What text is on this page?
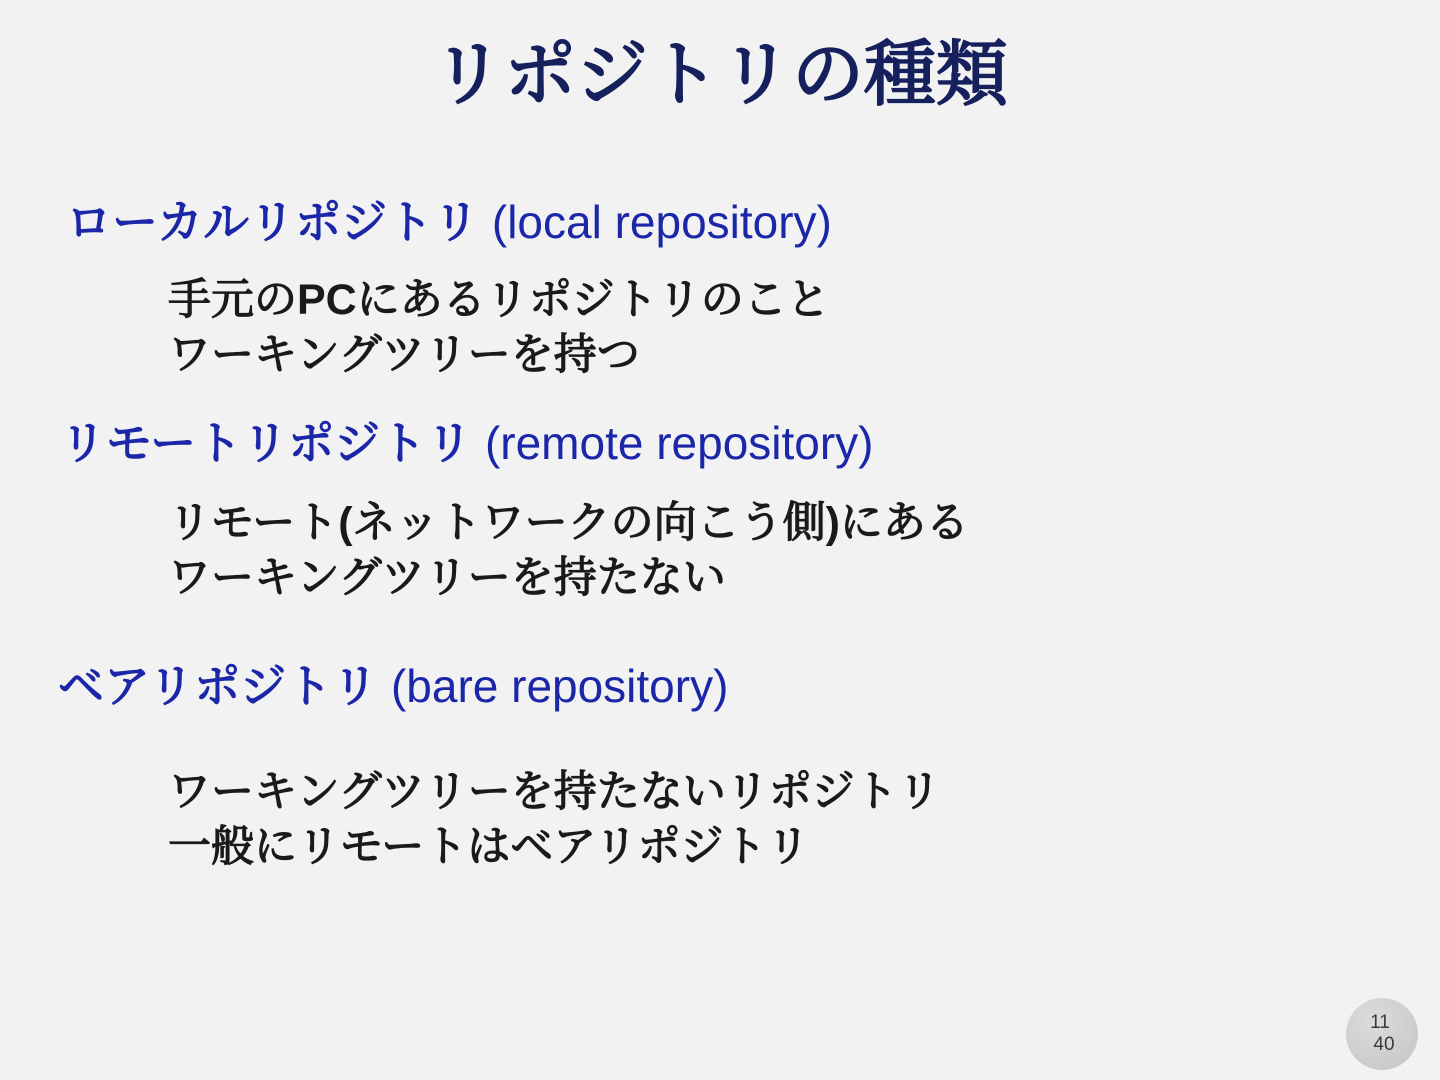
リポジトリの種類
ローカルリポジトリ (local repository)
手元のPCにあるリポジトリのこと
ワーキングツリーを持つ
リモートリポジトリ (remote repository)
リモート(ネットワークの向こう側)にある
ワーキングツリーを持たない
ベアリポジトリ (bare repository)
ワーキングツリーを持たないリポジトリ
一般にリモートはベアリポジトリ
11
40
